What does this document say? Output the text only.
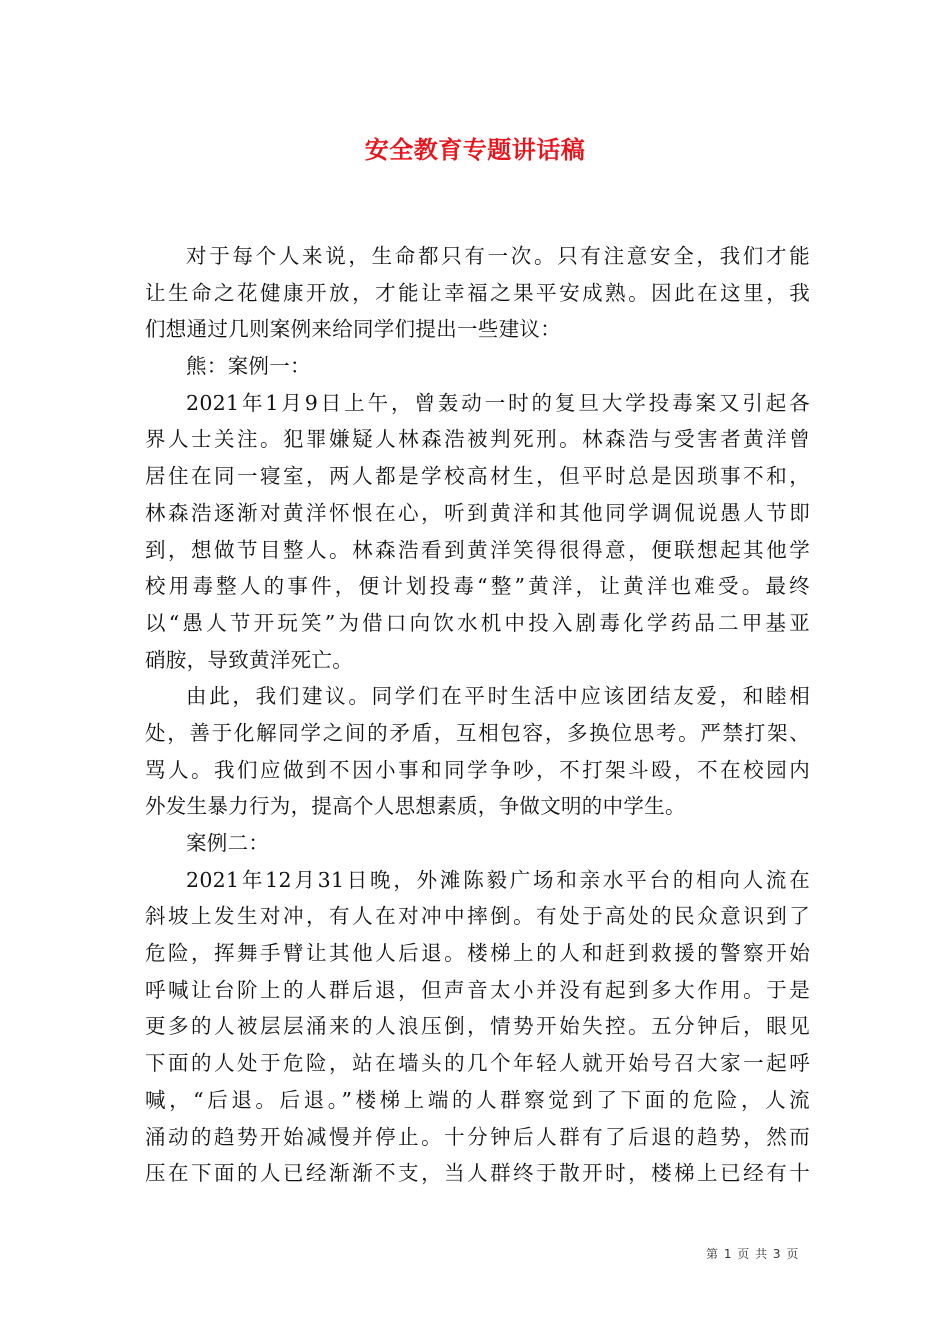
安全教育专题讲话稿
对于每个人来说，生命都只有一次。只有注意安全，我们才能
让生命之花健康开放，才能让幸福之果平安成熟。因此在这里，我
们想通过几则案例来给同学们提出一些建议：
熊：案例一：
2021年1月9日上午，曾轰动一时的复旦大学投毒案又引起各
界人士关注。犯罪嫌疑人林森浩被判死刑。林森浩与受害者黄洋曾
居住在同一寝室，两人都是学校高材生，但平时总是因琐事不和，
林森浩逐渐对黄洋怀恨在心，听到黄洋和其他同学调侃说愚人节即
到，想做节目整人。林森浩看到黄洋笑得很得意，便联想起其他学
校用毒整人的事件，便计划投毒“整”黄洋，让黄洋也难受。最终
以“愚人节开玩笑”为借口向饮水机中投入剧毒化学药品二甲基亚
硝胺，导致黄洋死亡。
由此，我们建议。同学们在平时生活中应该团结友爱，和睦相
处，善于化解同学之间的矛盾，互相包容，多换位思考。严禁打架、
骂人。我们应做到不因小事和同学争吵，不打架斗殴，不在校园内
外发生暴力行为，提高个人思想素质，争做文明的中学生。
案例二：
2021年12月31日晚，外滩陈毅广场和亲水平台的相向人流在
斜坡上发生对冲，有人在对冲中摔倒。有处于高处的民众意识到了
危险，挥舞手臂让其他人后退。楼梯上的人和赶到救援的警察开始
呼喊让台阶上的人群后退，但声音太小并没有起到多大作用。于是
更多的人被层层涌来的人浪压倒，情势开始失控。五分钟后，眼见
下面的人处于危险，站在墙头的几个年轻人就开始号召大家一起呼
喊，“后退。后退。”楼梯上端的人群察觉到了下面的危险，人流
涌动的趋势开始减慢并停止。十分钟后人群有了后退的趋势，然而
压在下面的人已经渐渐不支，当人群终于散开时，楼梯上已经有十
第 1 页 共 3 页
